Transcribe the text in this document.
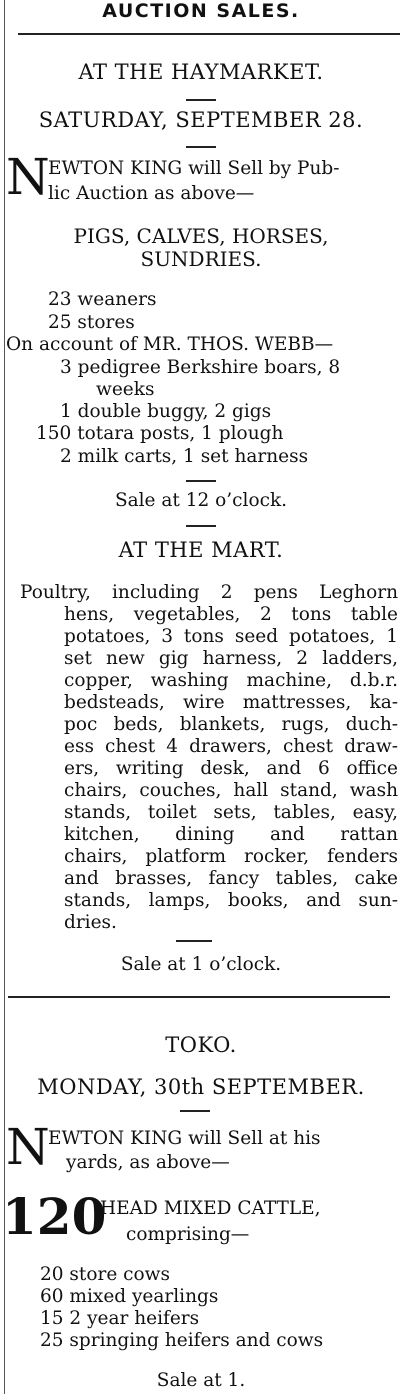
AUCTION SALES.
AT THE HAYMARKET.
SATURDAY, SEPTEMBER 28.
N
EWTON KING will Sell by Pub-
lic Auction as above—
PIGS, CALVES, HORSES,
SUNDRIES.
23 weaners
25 stores
On account of MR. THOS. WEBB—
3 pedigree Berkshire boars, 8
weeks
1 double buggy, 2 gigs
150 totara posts, 1 plough
2 milk carts, 1 set harness
Sale at 12 o’clock.
AT THE MART.
Poultry, including 2 pens Leghorn
hens, vegetables, 2 tons table
potatoes, 3 tons seed potatoes, 1
set new gig harness, 2 ladders,
copper, washing machine, d.b.r.
bedsteads, wire mattresses, ka-
poc beds, blankets, rugs, duch-
ess chest 4 drawers, chest draw-
ers, writing desk, and 6 office
chairs, couches, hall stand, wash
stands, toilet sets, tables, easy,
kitchen, dining and rattan
chairs, platform rocker, fenders
and brasses, fancy tables, cake
stands, lamps, books, and sun-
dries.
Sale at 1 o’clock.
TOKO.
MONDAY, 30th SEPTEMBER.
N
EWTON KING will Sell at his
yards, as above—
120
HEAD MIXED CATTLE,
comprising—
20 store cows
60 mixed yearlings
15 2 year heifers
25 springing heifers and cows
Sale at 1.
